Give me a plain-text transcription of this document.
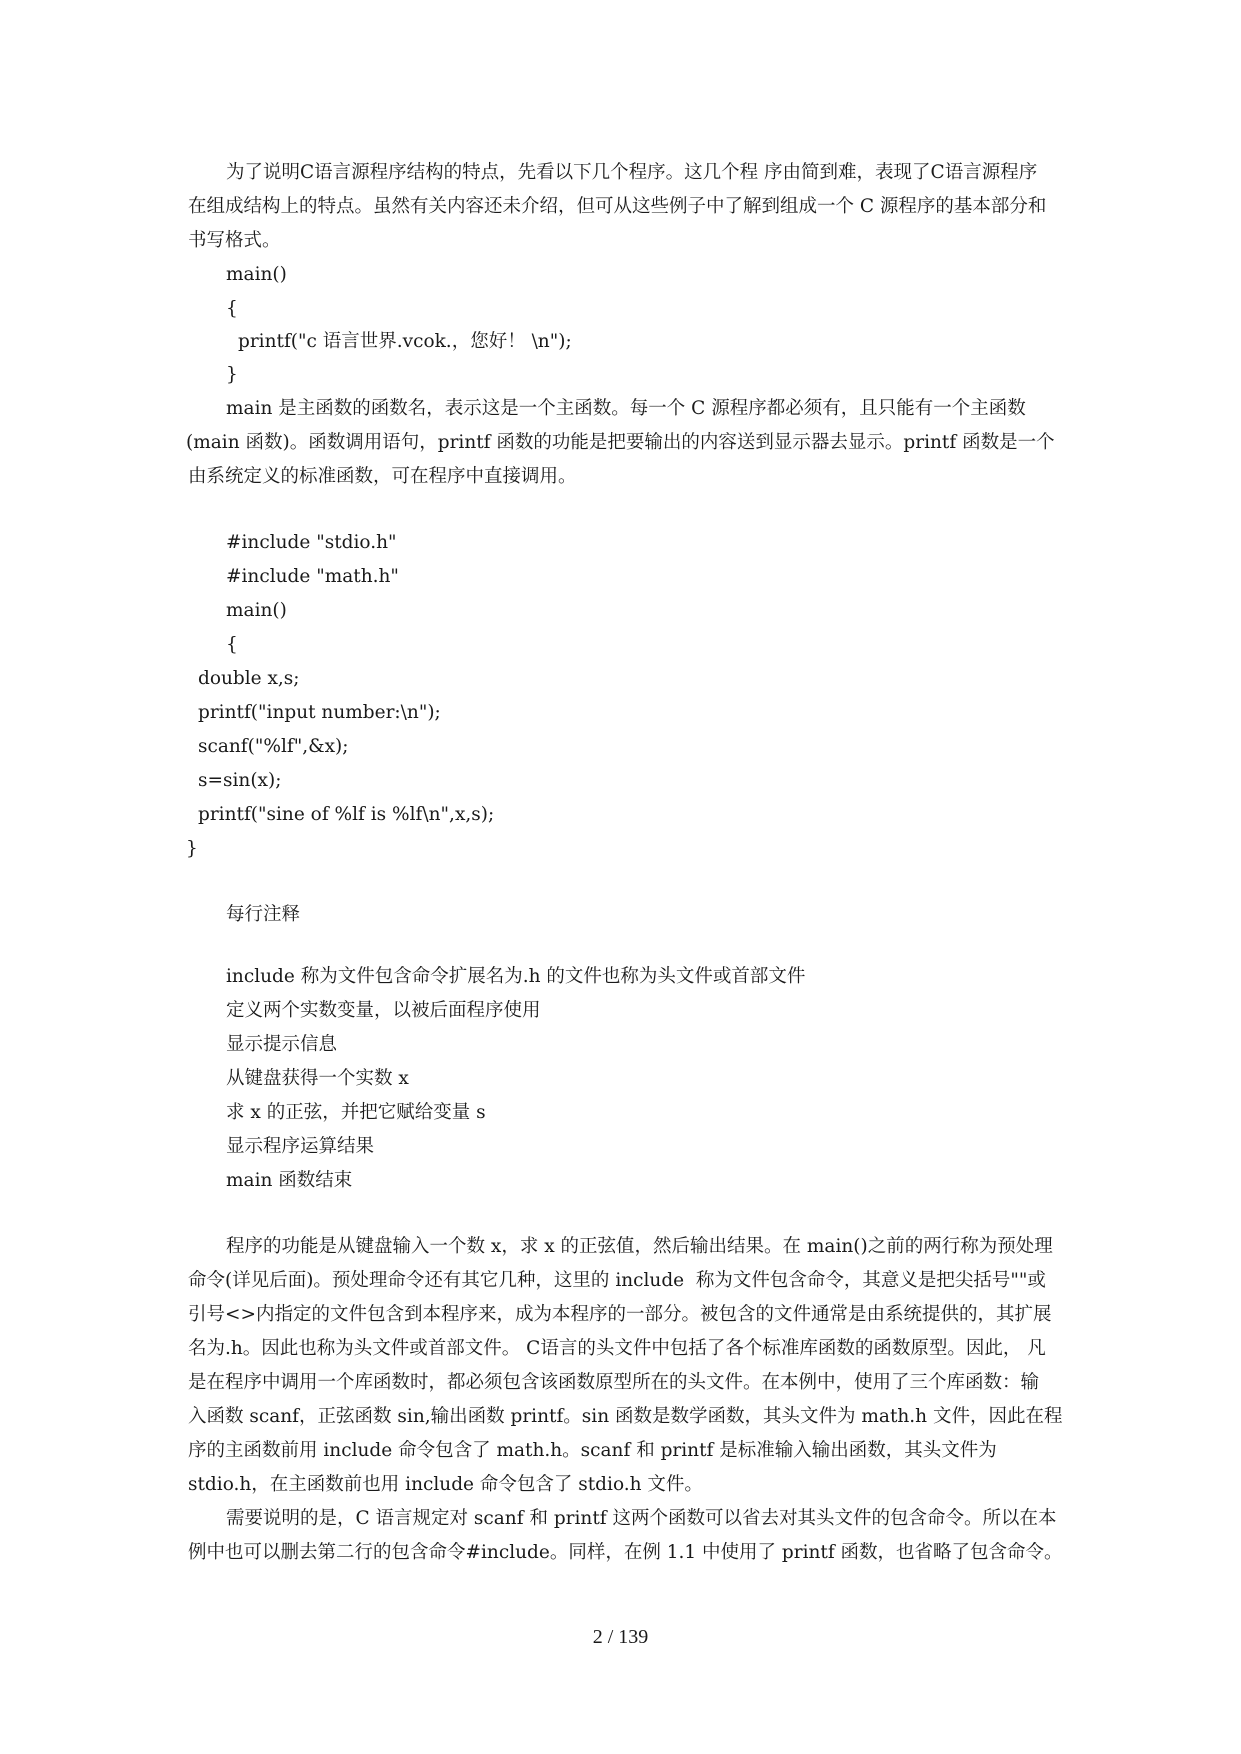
为了说明C语言源程序结构的特点，先看以下几个程序。这几个程 序由简到难，表现了C语言源程序
在组成结构上的特点。虽然有关内容还未介绍，但可从这些例子中了解到组成一个 C 源程序的基本部分和
书写格式。
main()
{
printf("c 语言世界.vcok.，您好！ \n");
}
main 是主函数的函数名，表示这是一个主函数。每一个 C 源程序都必须有，且只能有一个主函数
(main 函数)。函数调用语句，printf 函数的功能是把要输出的内容送到显示器去显示。printf 函数是一个
由系统定义的标准函数，可在程序中直接调用。
#include "stdio.h"
#include "math.h"
main()
{
double x,s;
printf("input number:\n");
scanf("%lf",&x);
s=sin(x);
printf("sine of %lf is %lf\n",x,s);
}
每行注释
include 称为文件包含命令扩展名为.h 的文件也称为头文件或首部文件
定义两个实数变量，以被后面程序使用
显示提示信息
从键盘获得一个实数 x
求 x 的正弦，并把它赋给变量 s
显示程序运算结果
main 函数结束
程序的功能是从键盘输入一个数 x，求 x 的正弦值，然后输出结果。在 main()之前的两行称为预处理
命令(详见后面)。预处理命令还有其它几种，这里的 include  称为文件包含命令，其意义是把尖括号""或
引号<>内指定的文件包含到本程序来，成为本程序的一部分。被包含的文件通常是由系统提供的，其扩展
名为.h。因此也称为头文件或首部文件。 C语言的头文件中包括了各个标准库函数的函数原型。因此， 凡
是在程序中调用一个库函数时，都必须包含该函数原型所在的头文件。在本例中，使用了三个库函数：输
入函数 scanf，正弦函数 sin,输出函数 printf。sin 函数是数学函数，其头文件为 math.h 文件，因此在程
序的主函数前用 include 命令包含了 math.h。scanf 和 printf 是标准输入输出函数，其头文件为
stdio.h，在主函数前也用 include 命令包含了 stdio.h 文件。
需要说明的是，C 语言规定对 scanf 和 printf 这两个函数可以省去对其头文件的包含命令。所以在本
例中也可以删去第二行的包含命令#include。同样，在例 1.1 中使用了 printf 函数，也省略了包含命令。
2 / 139
